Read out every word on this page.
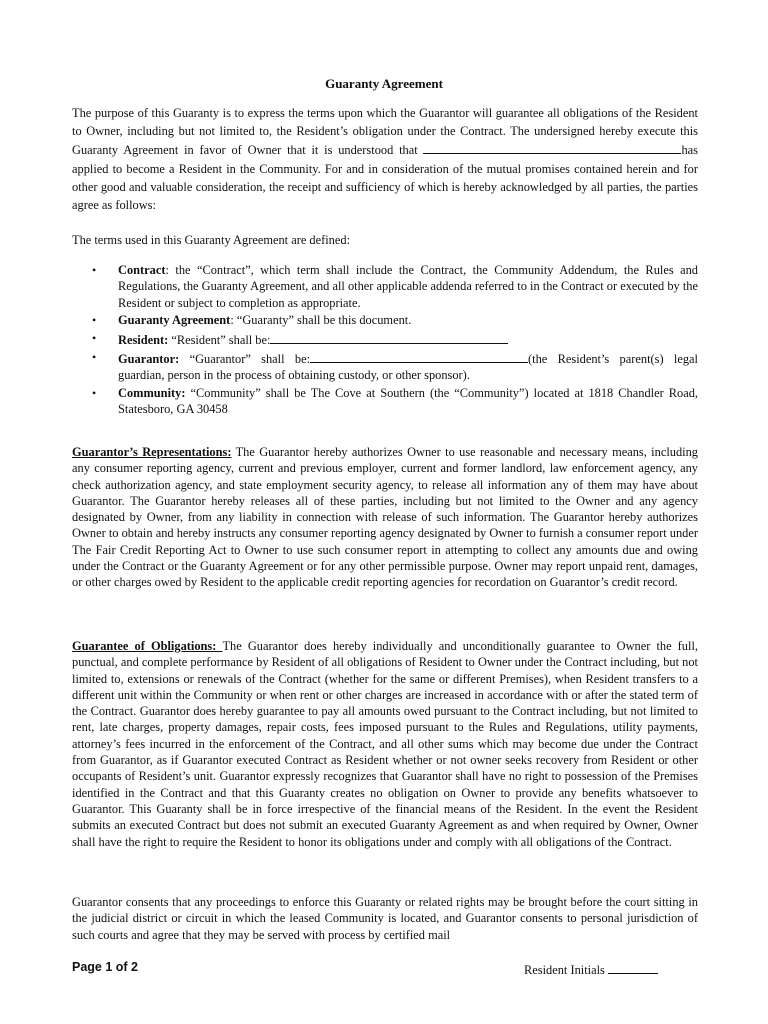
Guaranty Agreement
The purpose of this Guaranty is to express the terms upon which the Guarantor will guarantee all obligations of the Resident to Owner, including but not limited to, the Resident’s obligation under the Contract. The undersigned hereby execute this Guaranty Agreement in favor of Owner that it is understood that	has applied to become a Resident in the Community. For and in consideration of the mutual promises contained herein and for other good and valuable consideration, the receipt and sufficiency of which is hereby acknowledged by all parties, the parties agree as follows:
The terms used in this Guaranty Agreement are defined:
• Contract: the “Contract”, which term shall include the Contract, the Community Addendum, the Rules and Regulations, the Guaranty Agreement, and all other applicable addenda referred to in the Contract or executed by the Resident or subject to completion as appropriate.
• Guaranty Agreement: “Guaranty” shall be this document.
• Resident: “Resident” shall be:
• Guarantor: “Guarantor” shall be:	(the Resident’s parent(s) legal guardian, person in the process of obtaining custody, or other sponsor).
• Community: “Community” shall be The Cove at Southern (the “Community”) located at 1818 Chandler Road, Statesboro, GA 30458
Guarantor’s Representations: The Guarantor hereby authorizes Owner to use reasonable and necessary means, including any consumer reporting agency, current and previous employer, current and former landlord, law enforcement agency, any check authorization agency, and state employment security agency, to release all information any of them may have about Guarantor. The Guarantor hereby releases all of these parties, including but not limited to the Owner and any agency designated by Owner, from any liability in connection with release of such information. The Guarantor hereby authorizes Owner to obtain and hereby instructs any consumer reporting agency designated by Owner to furnish a consumer report under The Fair Credit Reporting Act to Owner to use such consumer report in attempting to collect any amounts due and owing under the Contract or the Guaranty Agreement or for any other permissible purpose. Owner may report unpaid rent, damages, or other charges owed by Resident to the applicable credit reporting agencies for recordation on Guarantor’s credit record.
Guarantee of Obligations: The Guarantor does hereby individually and unconditionally guarantee to Owner the full, punctual, and complete performance by Resident of all obligations of Resident to Owner under the Contract including, but not limited to, extensions or renewals of the Contract (whether for the same or different Premises), when Resident transfers to a different unit within the Community or when rent or other charges are increased in accordance with or after the stated term of the Contract. Guarantor does hereby guarantee to pay all amounts owed pursuant to the Contract including, but not limited to rent, late charges, property damages, repair costs, fees imposed pursuant to the Rules and Regulations, utility payments, attorney’s fees incurred in the enforcement of the Contract, and all other sums which may become due under the Contract from Guarantor, as if Guarantor executed Contract as Resident whether or not owner seeks recovery from Resident or other occupants of Resident’s unit. Guarantor expressly recognizes that Guarantor shall have no right to possession of the Premises identified in the Contract and that this Guaranty creates no obligation on Owner to provide any benefits whatsoever to Guarantor. This Guaranty shall be in force irrespective of the financial means of the Resident. In the event the Resident submits an executed Contract but does not submit an executed Guaranty Agreement as and when required by Owner, Owner shall have the right to require the Resident to honor its obligations under and comply with all obligations of the Contract.
Guarantor consents that any proceedings to enforce this Guaranty or related rights may be brought before the court sitting in the judicial district or circuit in which the leased Community is located, and Guarantor consents to personal jurisdiction of such courts and agree that they may be served with process by certified mail
Page 1 of 2	Resident Initials
